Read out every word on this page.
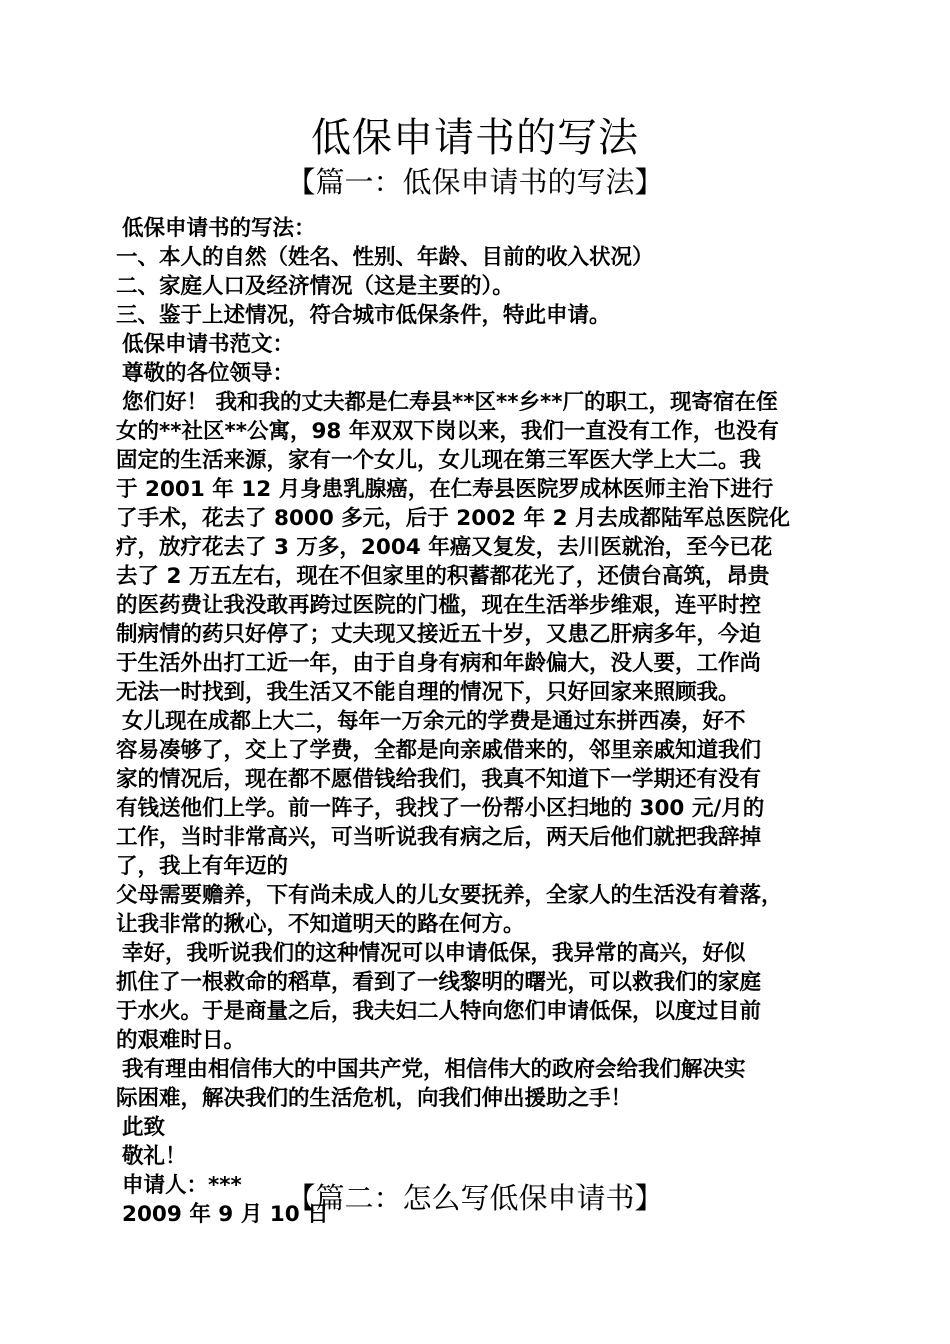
低保申请书的写法
【篇一：低保申请书的写法】
低保申请书的写法：
一、本人的自然（姓名、性别、年龄、目前的收入状况）
二、家庭人口及经济情况（这是主要的）。
三、鉴于上述情况，符合城市低保条件，特此申请。
低保申请书范文：
尊敬的各位领导：
您们好！ 我和我的丈夫都是仁寿县**区**乡**厂的职工，现寄宿在侄
女的**社区**公寓，98 年双双下岗以来，我们一直没有工作，也没有
固定的生活来源，家有一个女儿，女儿现在第三军医大学上大二。我
于 2001 年 12 月身患乳腺癌，在仁寿县医院罗成林医师主治下进行
了手术，花去了 8000 多元，后于 2002 年 2 月去成都陆军总医院化
疗，放疗花去了 3 万多，2004 年癌又复发，去川医就治，至今已花
去了 2 万五左右，现在不但家里的积蓄都花光了，还债台高筑，昂贵
的医药费让我没敢再跨过医院的门槛，现在生活举步维艰，连平时控
制病情的药只好停了；丈夫现又接近五十岁，又患乙肝病多年，今迫
于生活外出打工近一年，由于自身有病和年龄偏大，没人要，工作尚
无法一时找到，我生活又不能自理的情况下，只好回家来照顾我。
女儿现在成都上大二，每年一万余元的学费是通过东拼西凑，好不
容易凑够了，交上了学费，全都是向亲戚借来的，邻里亲戚知道我们
家的情况后，现在都不愿借钱给我们，我真不知道下一学期还有没有
有钱送他们上学。前一阵子，我找了一份帮小区扫地的 300 元/月的
工作，当时非常高兴，可当听说我有病之后，两天后他们就把我辞掉
了，我上有年迈的
父母需要赡养，下有尚未成人的儿女要抚养，全家人的生活没有着落，
让我非常的揪心，不知道明天的路在何方。
幸好，我听说我们的这种情况可以申请低保，我异常的高兴，好似
抓住了一根救命的稻草，看到了一线黎明的曙光，可以救我们的家庭
于水火。于是商量之后，我夫妇二人特向您们申请低保，以度过目前
的艰难时日。
我有理由相信伟大的中国共产党，相信伟大的政府会给我们解决实
际困难，解决我们的生活危机，向我们伸出援助之手！
此致
敬礼！
申请人：***
2009 年 9 月 10 日
【篇二：怎么写低保申请书】
